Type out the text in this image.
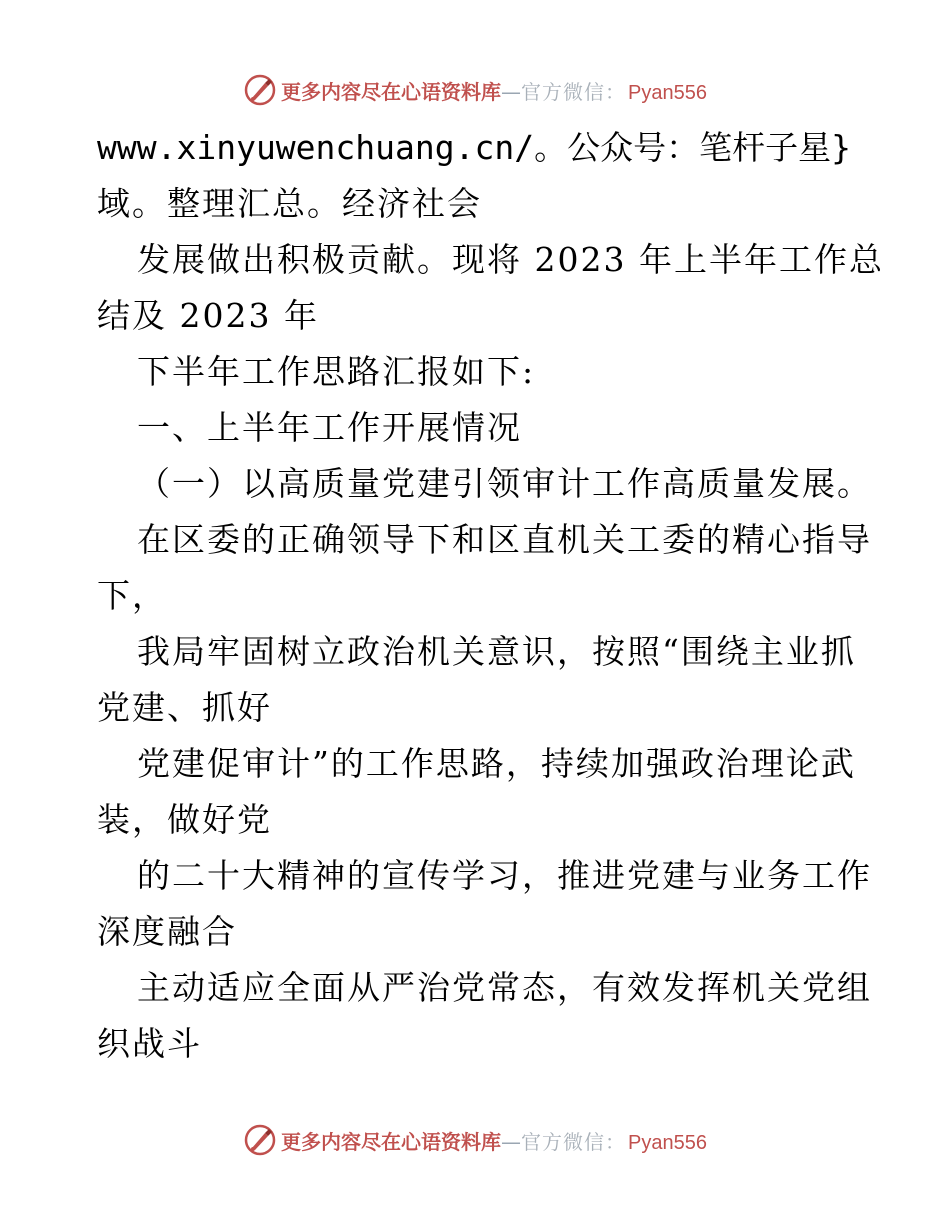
更多内容尽在心语资料库 — 官方微信： Pyan556
www.xinyuwenchuang.cn/。公众号：笔杆子星}
域。整理汇总。经济社会
发展做出积极贡献。现将 2023 年上半年工作总
结及 2023 年
下半年工作思路汇报如下:
一、上半年工作开展情况
（一）以高质量党建引领审计工作高质量发展。
在区委的正确领导下和区直机关工委的精心指导
下，
我局牢固树立政治机关意识，按照“围绕主业抓
党建、抓好
党建促审计”的工作思路，持续加强政治理论武
装，做好党
的二十大精神的宣传学习，推进党建与业务工作
深度融合
主动适应全面从严治党常态，有效发挥机关党组
织战斗
更多内容尽在心语资料库 — 官方微信： Pyan556
